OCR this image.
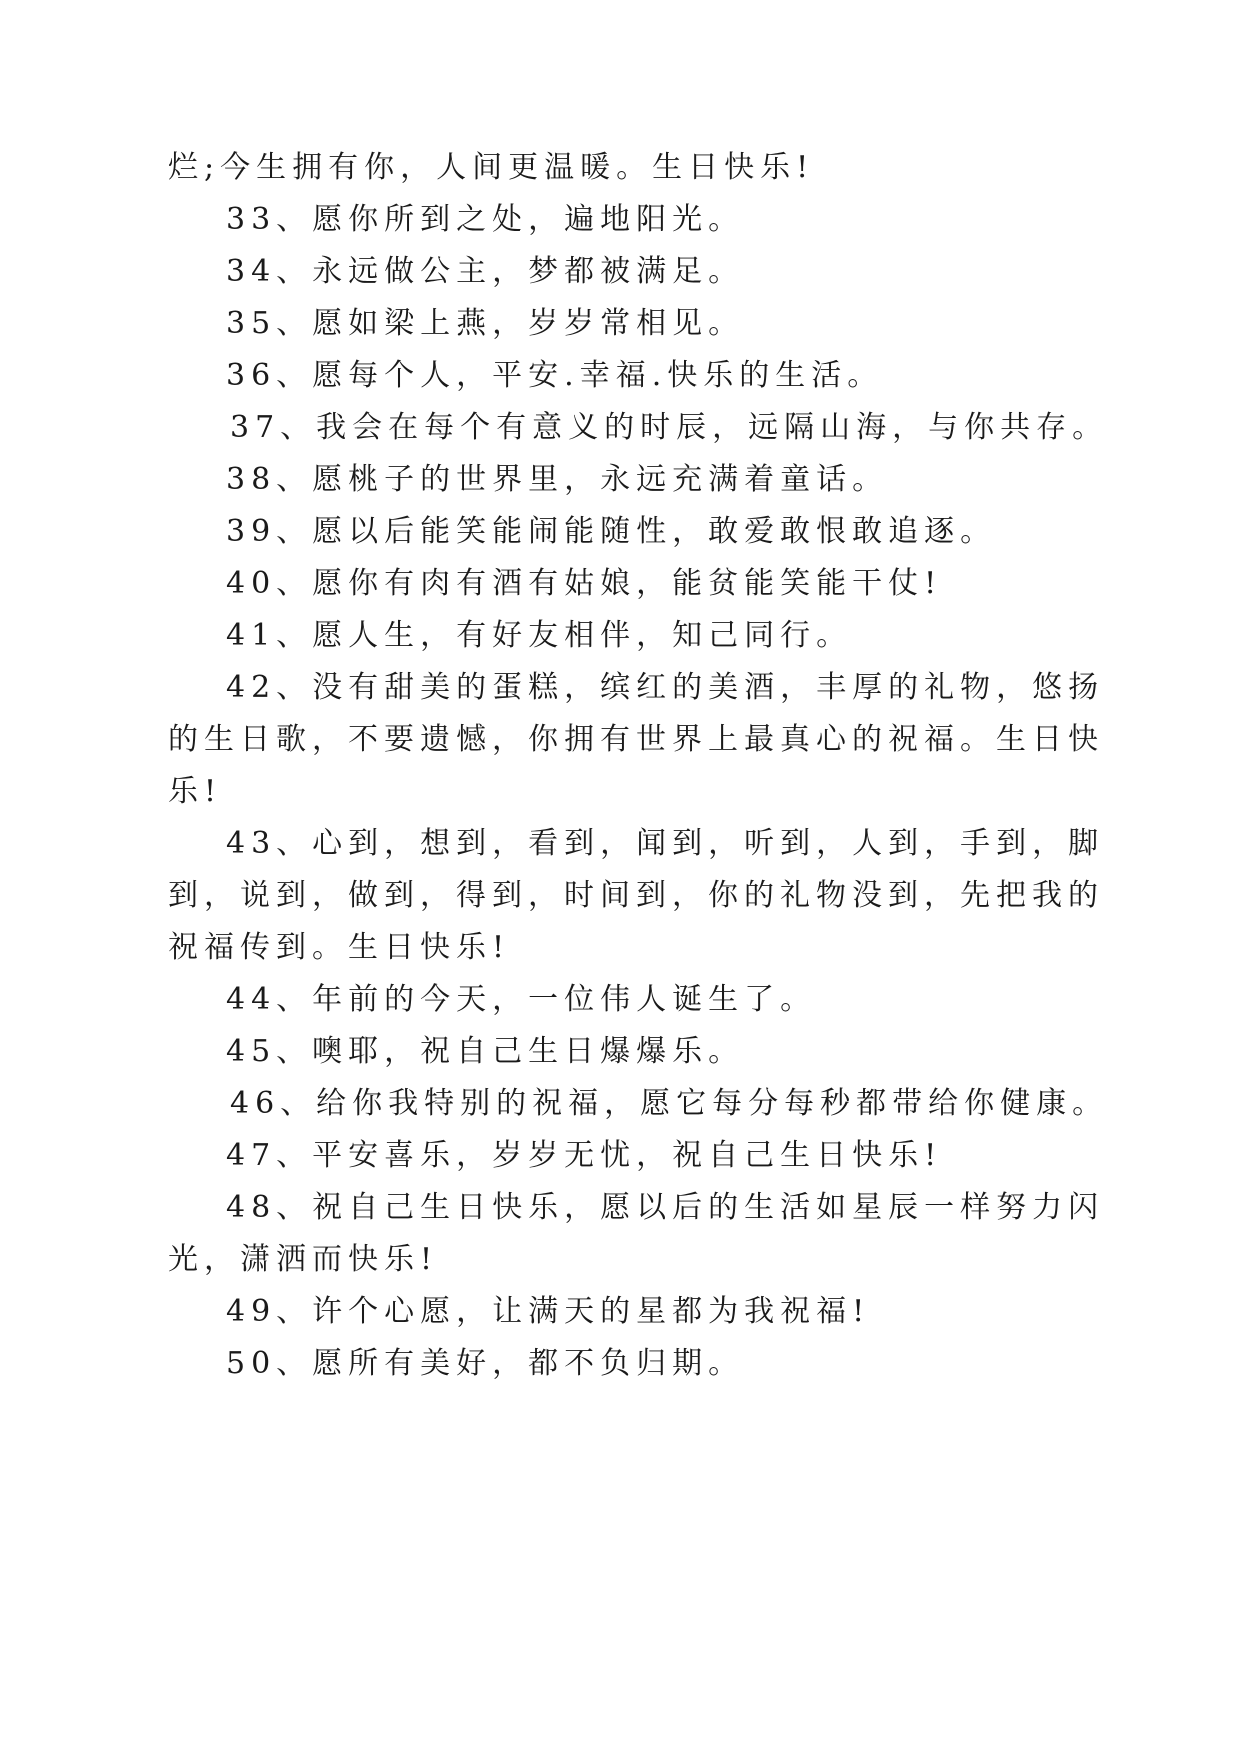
烂;今生拥有你，人间更温暖。生日快乐!
33、愿你所到之处，遍地阳光。
34、永远做公主，梦都被满足。
35、愿如梁上燕，岁岁常相见。
36、愿每个人，平安.幸福.快乐的生活。
37、我会在每个有意义的时辰，远隔山海，与你共存。
38、愿桃子的世界里，永远充满着童话。
39、愿以后能笑能闹能随性，敢爱敢恨敢追逐。
40、愿你有肉有酒有姑娘，能贫能笑能干仗!
41、愿人生，有好友相伴，知己同行。
42、没有甜美的蛋糕，缤红的美酒，丰厚的礼物，悠扬
的生日歌，不要遗憾，你拥有世界上最真心的祝福。生日快
乐!
43、心到，想到，看到，闻到，听到，人到，手到，脚
到，说到，做到，得到，时间到，你的礼物没到，先把我的
祝福传到。生日快乐!
44、年前的今天，一位伟人诞生了。
45、噢耶，祝自己生日爆爆乐。
46、给你我特别的祝福，愿它每分每秒都带给你健康。
47、平安喜乐，岁岁无忧，祝自己生日快乐!
48、祝自己生日快乐，愿以后的生活如星辰一样努力闪
光，潇洒而快乐!
49、许个心愿，让满天的星都为我祝福!
50、愿所有美好，都不负归期。
